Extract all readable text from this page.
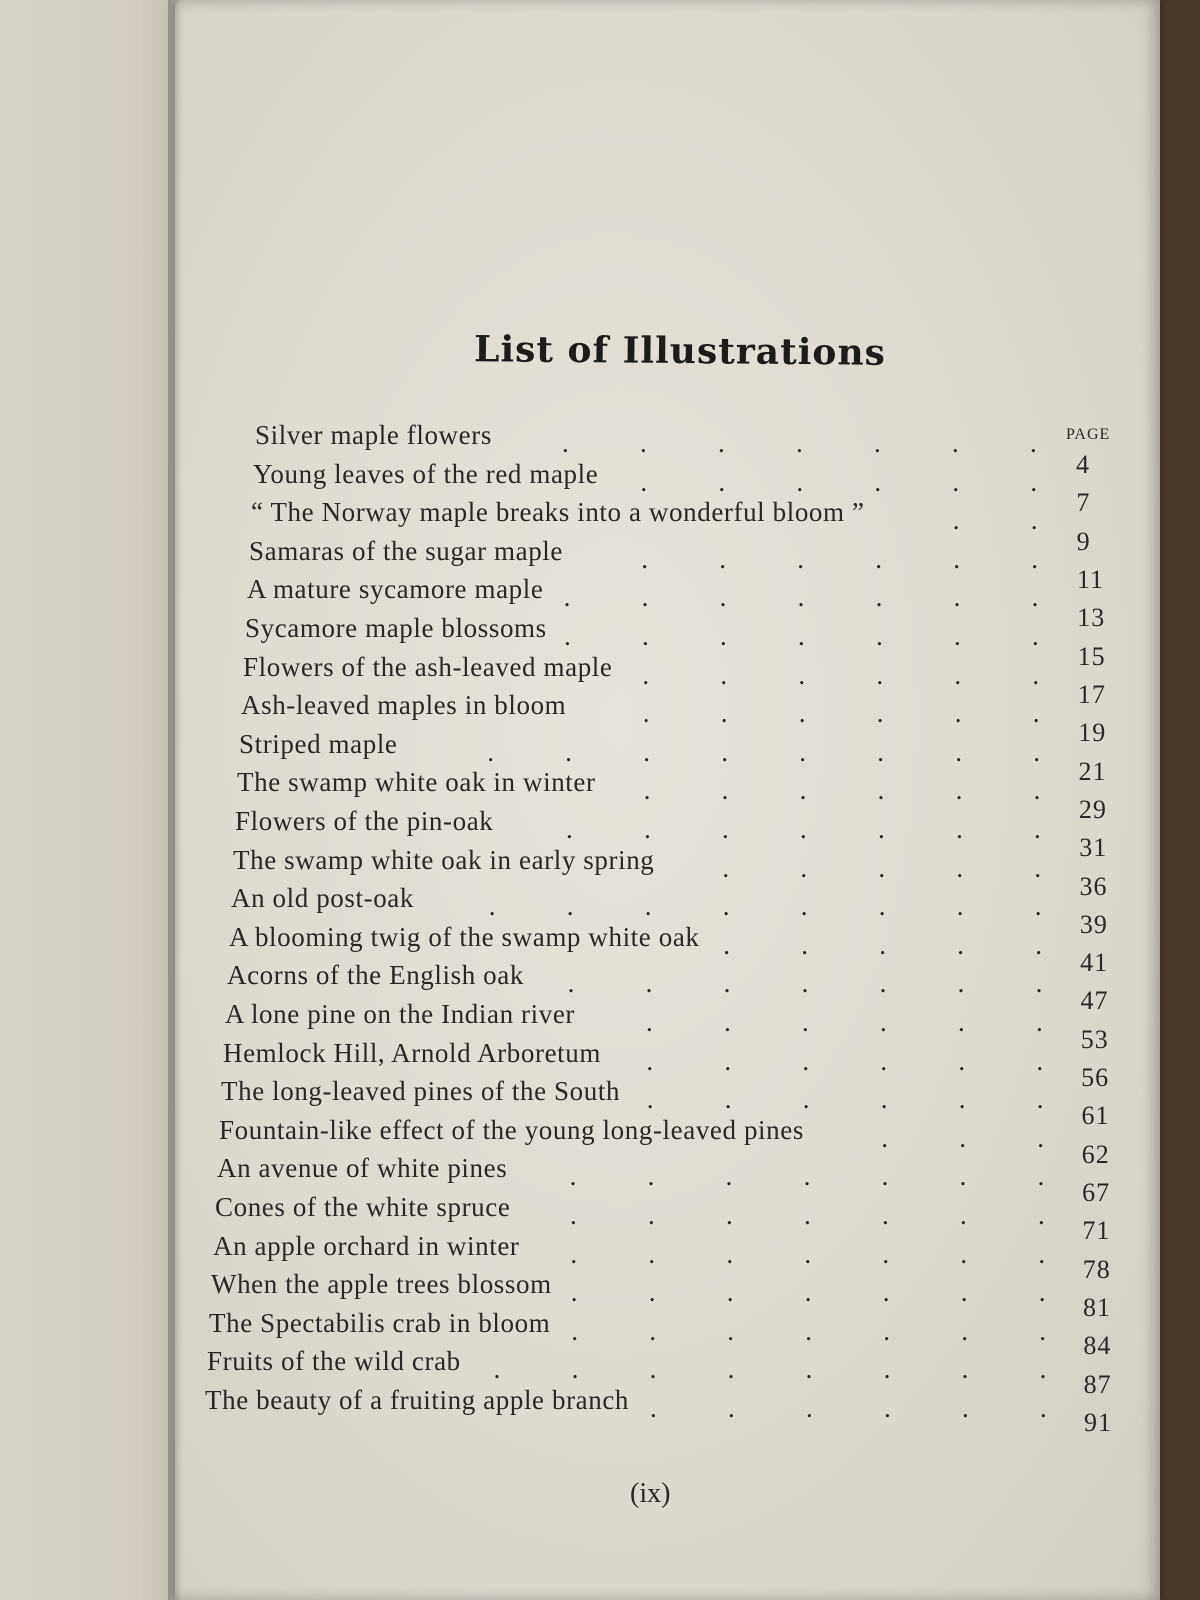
List of Illustrations
PAGE
Silver maple flowers
4
Young leaves of the red maple
7
“ The Norway maple breaks into a wonderful bloom ”
9
Samaras of the sugar maple
11
A mature sycamore maple
13
Sycamore maple blossoms
15
Flowers of the ash-leaved maple
17
Ash-leaved maples in bloom
19
Striped maple
21
The swamp white oak in winter
29
Flowers of the pin-oak
31
The swamp white oak in early spring
36
An old post-oak
39
A blooming twig of the swamp white oak
41
Acorns of the English oak
47
A lone pine on the Indian river
53
Hemlock Hill, Arnold Arboretum
56
The long-leaved pines of the South
61
Fountain-like effect of the young long-leaved pines
62
An avenue of white pines
67
Cones of the white spruce
71
An apple orchard in winter
78
When the apple trees blossom
81
The Spectabilis crab in bloom
84
Fruits of the wild crab
87
The beauty of a fruiting apple branch
91
.
.
.
.
.
.
.
.
.
.
.
.
.
.
.
.
.
.
.
.
.
.
.
.
.
.
.
.
.
.
.
.
.
.
.
.
.
.
.
.
.
.
.
.
.
.
.
.
.
.
.
.
.
.
.
.
.
.
.
.
.
.
.
.
.
.
.
.
.
.
.
.
.
.
.
.
.
.
.
.
.
.
.
.
.
.
.
.
.
.
.
.
.
.
.
.
.
.
.
.
.
.
.
.
.
.
.
.
.
.
.
.
.
.
.
.
.
.
.
.
.
.
.
.
.
.
.
.
.
.
.
.
.
.
.
.
.
.
.
.
.
.
.
.
.
.
.
.
.
.
.
.
.
.
.
.
.
.
.
.
.
.
.
(ix)
